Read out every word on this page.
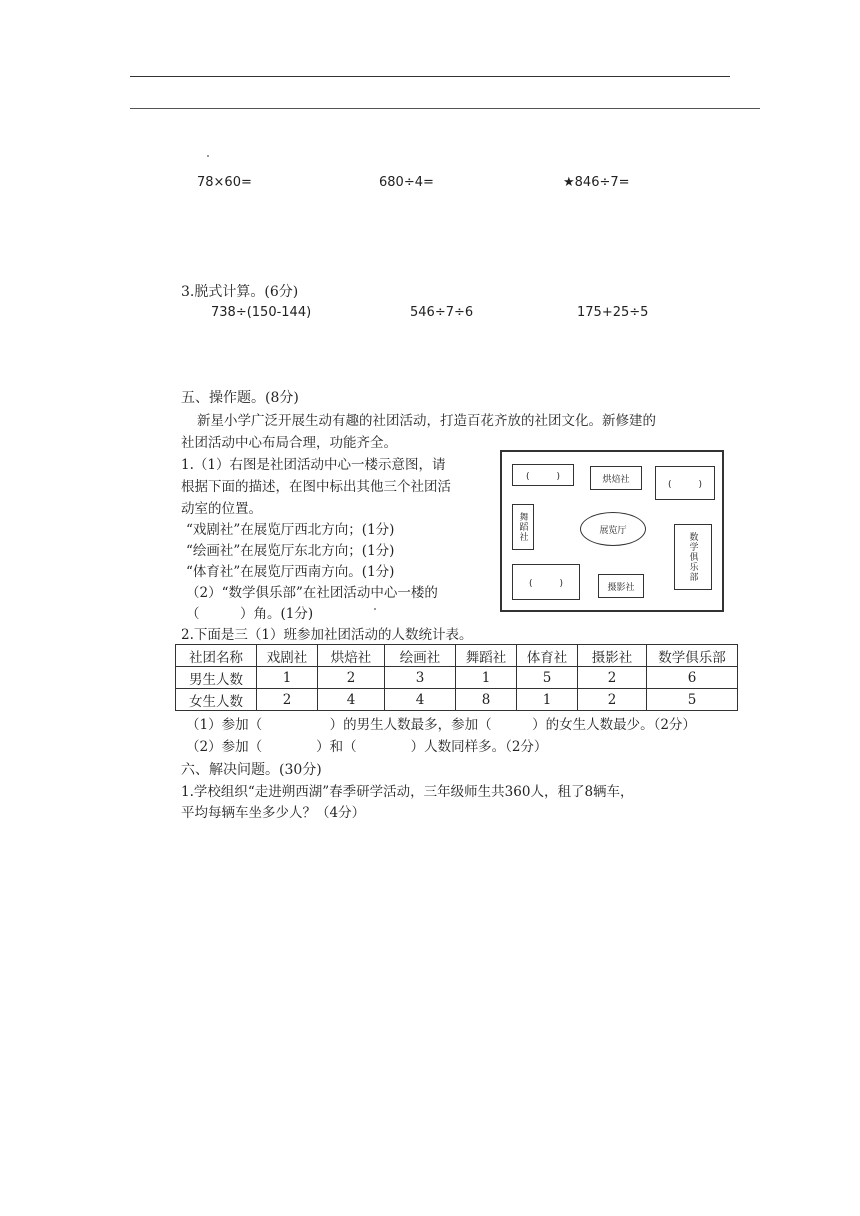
78×60=	680÷4=	★846÷7=
3.脱式计算。(6分)
738÷(150-144)	546÷7÷6	175+25÷5
五、操作题。(8分)
新星小学广泛开展生动有趣的社团活动，打造百花齐放的社团文化。新修建的
社团活动中心布局合理，功能齐全。
1.（1）右图是社团活动中心一楼示意图，请
根据下面的描述，在图中标出其他三个社团活
动室的位置。
“戏剧社”在展览厅西北方向；(1分)
“绘画社”在展览厅东北方向；(1分)
“体育社”在展览厅西南方向。(1分)
（2）“数学俱乐部”在社团活动中心一楼的
（　　　）角。(1分)
(　　　)	烘焙社	(　　　)
舞蹈社	展览厅
数学俱乐部
(　　　)	摄影社
2.下面是三（1）班参加社团活动的人数统计表。
社团名称	戏剧社	烘焙社	绘画社	舞蹈社	体育社	摄影社	数学俱乐部
男生人数	1	2	3	1	5	2	6
女生人数	2	4	4	8	1	2	5
（1）参加（　　　　　）的男生人数最多，参加（　　　）的女生人数最少。（2分）
（2）参加（　　　　）和（　　　　）人数同样多。（2分）
六、解决问题。(30分)
1.学校组织“走进朔西湖”春季研学活动，三年级师生共360人，租了8辆车，
平均每辆车坐多少人？（4分）
